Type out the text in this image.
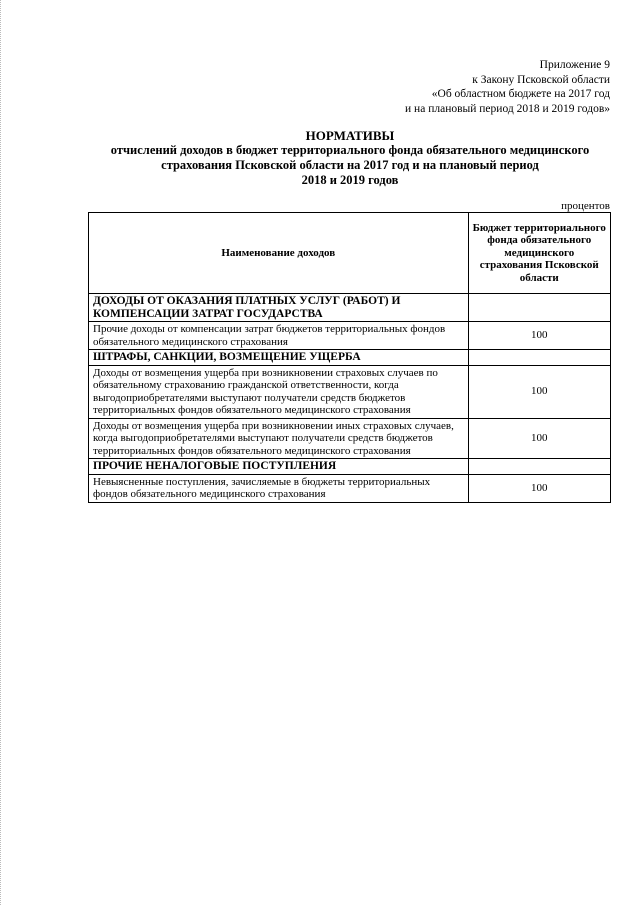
Приложение 9
к Закону Псковской области
«Об областном бюджете на 2017 год
и на плановый период 2018 и 2019 годов»
НОРМАТИВЫ
отчислений доходов в бюджет территориального фонда обязательного медицинского
страхования Псковской области на 2017 год и на плановый период
2018 и 2019 годов
процентов
Наименование доходов	Бюджет территориального фонда обязательного медицинского страхования Псковской области
ДОХОДЫ ОТ ОКАЗАНИЯ ПЛАТНЫХ УСЛУГ (РАБОТ) И КОМПЕНСАЦИИ ЗАТРАТ ГОСУДАРСТВА	
Прочие доходы от компенсации затрат бюджетов территориальных фондов обязательного медицинского страхования	100
ШТРАФЫ, САНКЦИИ, ВОЗМЕЩЕНИЕ УЩЕРБА	
Доходы от возмещения ущерба при возникновении страховых случаев по обязательному страхованию гражданской ответственности, когда выгодоприобретателями выступают получатели средств бюджетов территориальных фондов обязательного медицинского страхования	100
Доходы от возмещения ущерба при возникновении иных страховых случаев, когда выгодоприобретателями выступают получатели средств бюджетов территориальных фондов обязательного медицинского страхования	100
ПРОЧИЕ НЕНАЛОГОВЫЕ ПОСТУПЛЕНИЯ	
Невыясненные поступления, зачисляемые в бюджеты территориальных фондов обязательного медицинского страхования	100
